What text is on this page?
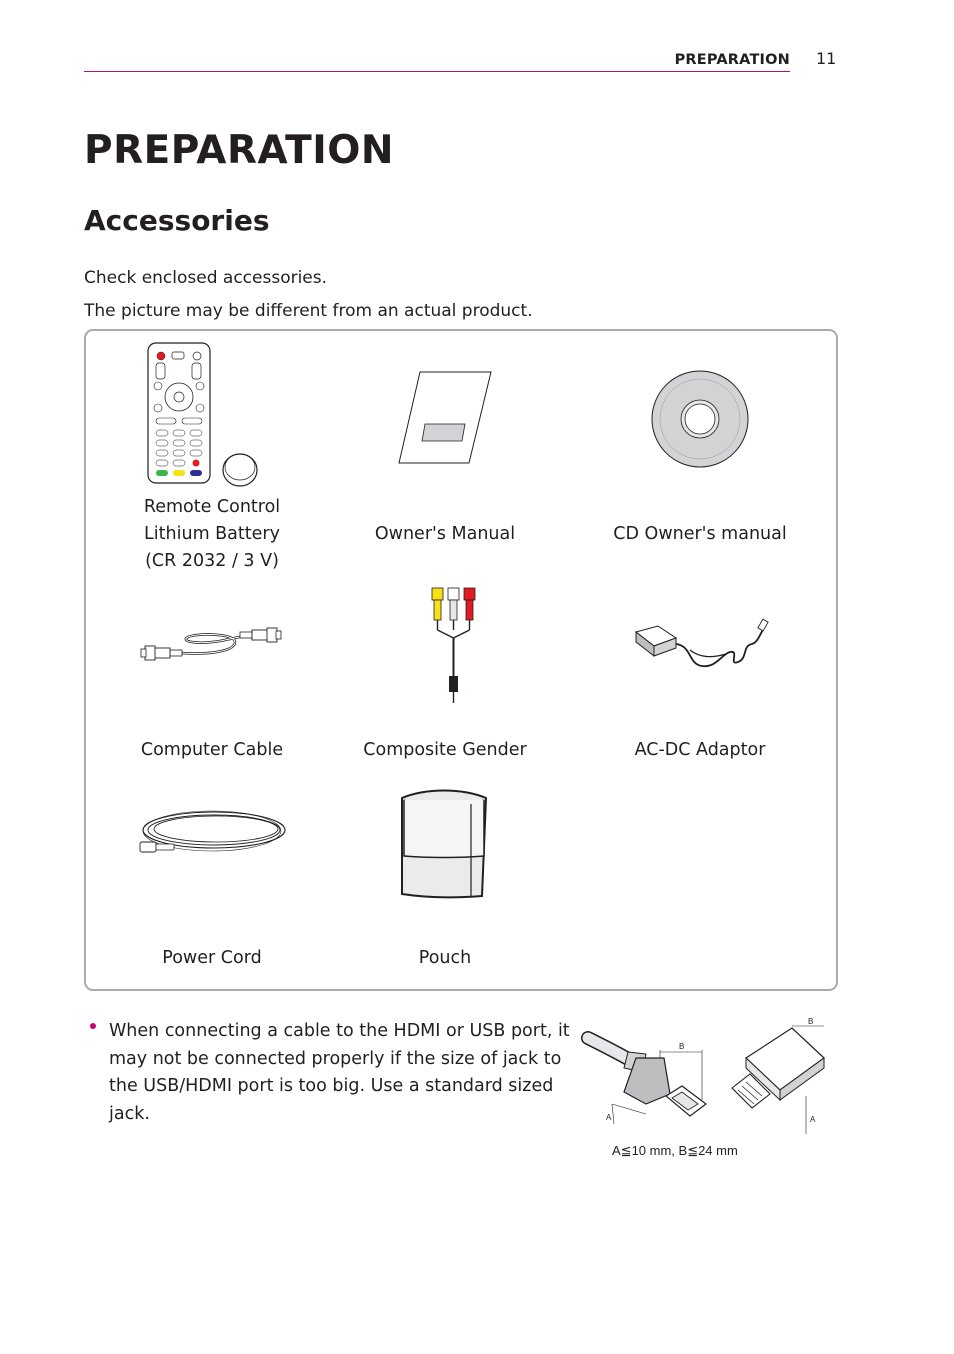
PREPARATION 11
PREPARATION
Accessories
Check enclosed accessories.
The picture may be different from an actual product.
Remote Control
Lithium Battery
(CR 2032 / 3 V)
Owner's Manual	CD Owner's manual
Computer Cable	Composite Gender	AC-DC Adaptor
Power Cord	Pouch
When connecting a cable to the HDMI or USB port, it may not be connected properly if the size of jack to the USB/HDMI port is too big. Use a standard sized jack.
B
A
B
A
A≦10 mm, B≦24 mm
